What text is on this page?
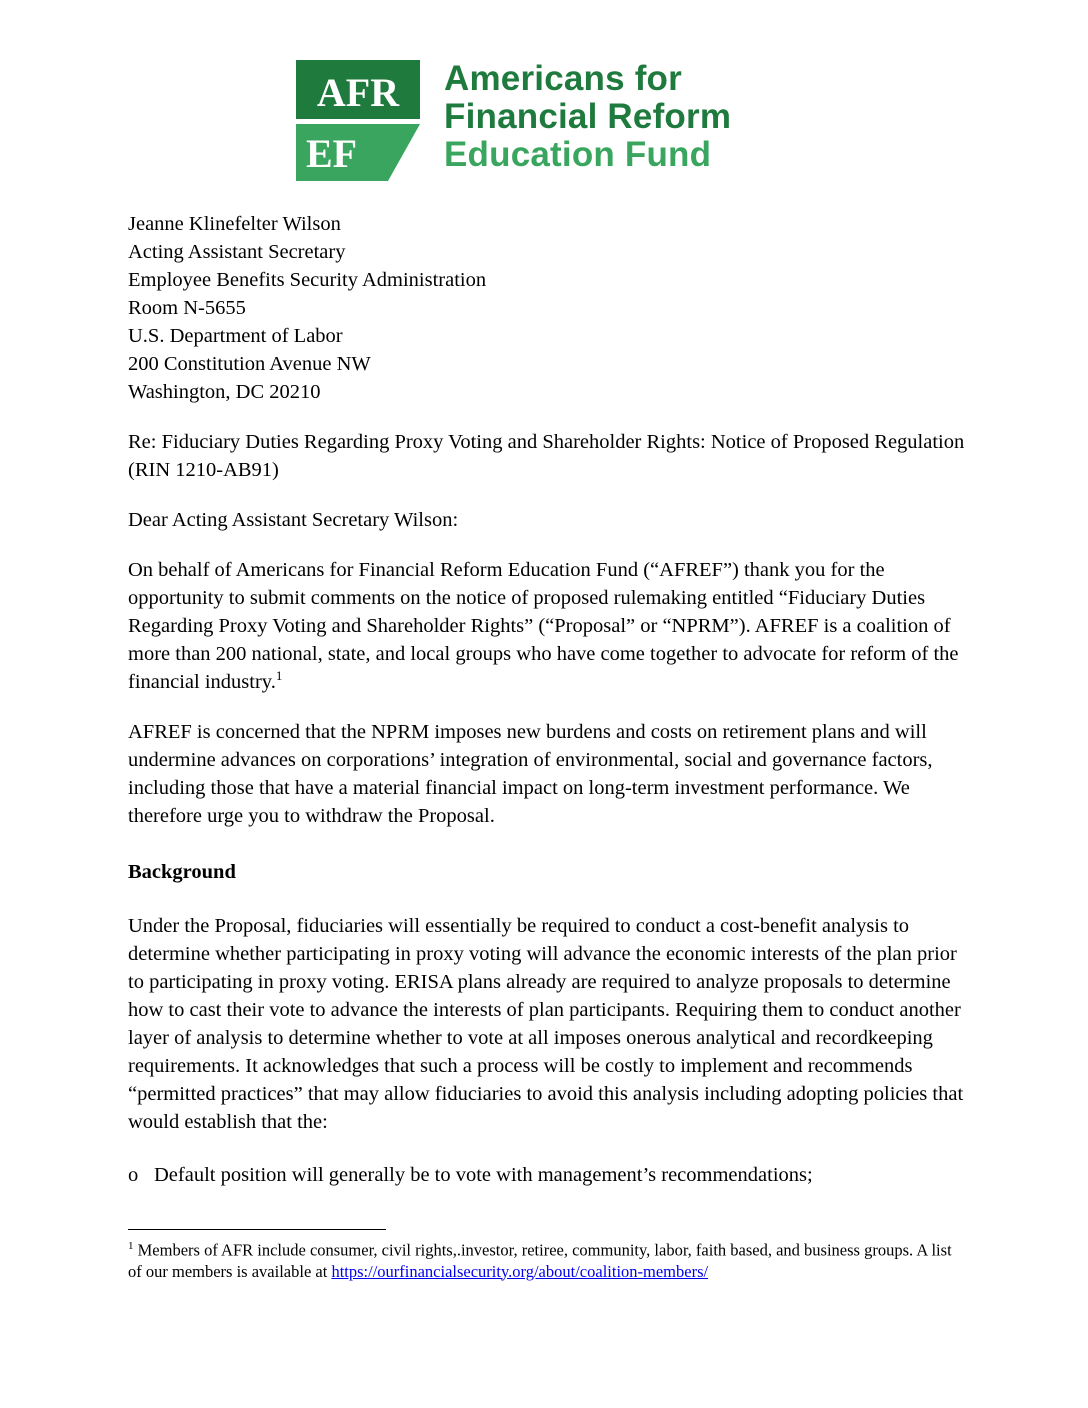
AFR
EF
Americans for
Financial Reform
Education Fund
Jeanne Klinefelter Wilson
Acting Assistant Secretary
Employee Benefits Security Administration
Room N-5655
U.S. Department of Labor
200 Constitution Avenue NW
Washington, DC 20210
Re: Fiduciary Duties Regarding Proxy Voting and Shareholder Rights: Notice of Proposed Regulation (RIN 1210-AB91)
Dear Acting Assistant Secretary Wilson:
On behalf of Americans for Financial Reform Education Fund (“AFREF”) thank you for the opportunity to submit comments on the notice of proposed rulemaking entitled “Fiduciary Duties Regarding Proxy Voting and Shareholder Rights” (“Proposal” or “NPRM”). AFREF is a coalition of more than 200 national, state, and local groups who have come together to advocate for reform of the financial industry.$^1$
AFREF is concerned that the NPRM imposes new burdens and costs on retirement plans and will undermine advances on corporations’ integration of environmental, social and governance factors, including those that have a material financial impact on long-term investment performance. We therefore urge you to withdraw the Proposal.
Background
Under the Proposal, fiduciaries will essentially be required to conduct a cost-benefit analysis to determine whether participating in proxy voting will advance the economic interests of the plan prior to participating in proxy voting. ERISA plans already are required to analyze proposals to determine how to cast their vote to advance the interests of plan participants. Requiring them to conduct another layer of analysis to determine whether to vote at all imposes onerous analytical and recordkeeping requirements. It acknowledges that such a process will be costly to implement and recommends “permitted practices” that may allow fiduciaries to avoid this analysis including adopting policies that would establish that the:
o Default position will generally be to vote with management’s recommendations;
$^1$ Members of AFR include consumer, civil rights,.investor, retiree, community, labor, faith based, and business groups. A list of our members is available at https://ourfinancialsecurity.org/about/coalition-members/
